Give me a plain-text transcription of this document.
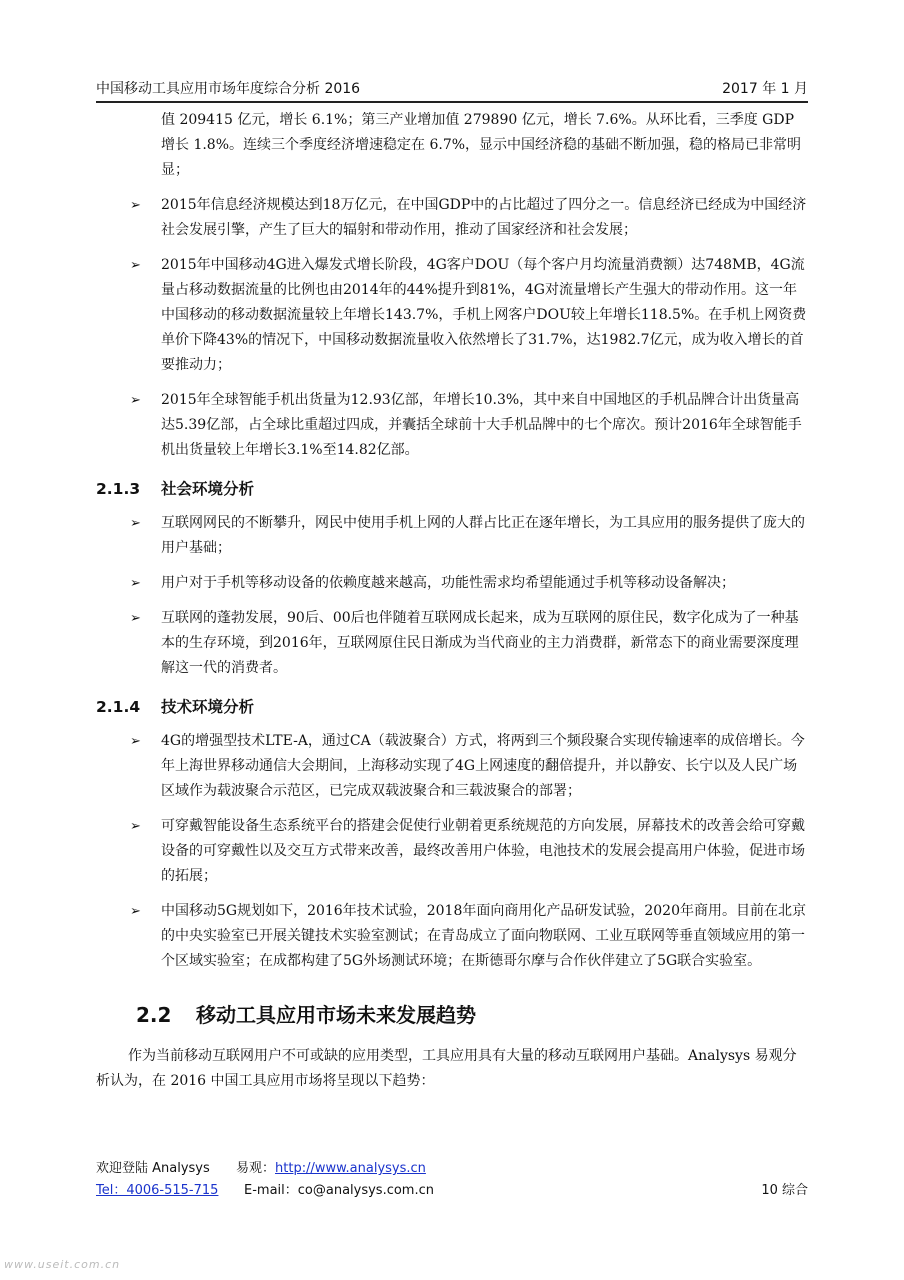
中国移动工具应用市场年度综合分析 2016	2017 年 1 月

值 209415 亿元，增长 6.1%；第三产业增加值 279890 亿元，增长 7.6%。从环比看，三季度 GDP 增长 1.8%。连续三个季度经济增速稳定在 6.7%，显示中国经济稳的基础不断加强，稳的格局已非常明显；

➢ 2015年信息经济规模达到18万亿元，在中国GDP中的占比超过了四分之一。信息经济已经成为中国经济社会发展引擎，产生了巨大的辐射和带动作用，推动了国家经济和社会发展；
➢ 2015年中国移动4G进入爆发式增长阶段，4G客户DOU（每个客户月均流量消费额）达748MB，4G流量占移动数据流量的比例也由2014年的44%提升到81%，4G对流量增长产生强大的带动作用。这一年中国移动的移动数据流量较上年增长143.7%，手机上网客户DOU较上年增长118.5%。在手机上网资费单价下降43%的情况下，中国移动数据流量收入依然增长了31.7%，达1982.7亿元，成为收入增长的首要推动力；
➢ 2015年全球智能手机出货量为12.93亿部，年增长10.3%，其中来自中国地区的手机品牌合计出货量高达5.39亿部，占全球比重超过四成，并囊括全球前十大手机品牌中的七个席次。预计2016年全球智能手机出货量较上年增长3.1%至14.82亿部。
2.1.3 社会环境分析
➢ 互联网网民的不断攀升，网民中使用手机上网的人群占比正在逐年增长，为工具应用的服务提供了庞大的用户基础；
➢ 用户对于手机等移动设备的依赖度越来越高，功能性需求均希望能通过手机等移动设备解决；
➢ 互联网的蓬勃发展，90后、00后也伴随着互联网成长起来，成为互联网的原住民，数字化成为了一种基本的生存环境，到2016年，互联网原住民日渐成为当代商业的主力消费群，新常态下的商业需要深度理解这一代的消费者。
2.1.4 技术环境分析
➢ 4G的增强型技术LTE-A，通过CA（载波聚合）方式，将两到三个频段聚合实现传输速率的成倍增长。今年上海世界移动通信大会期间，上海移动实现了4G上网速度的翻倍提升，并以静安、长宁以及人民广场区域作为载波聚合示范区，已完成双载波聚合和三载波聚合的部署；
➢ 可穿戴智能设备生态系统平台的搭建会促使行业朝着更系统规范的方向发展，屏幕技术的改善会给可穿戴设备的可穿戴性以及交互方式带来改善，最终改善用户体验，电池技术的发展会提高用户体验，促进市场的拓展；
➢ 中国移动5G规划如下，2016年技术试验，2018年面向商用化产品研发试验，2020年商用。目前在北京的中央实验室已开展关键技术实验室测试；在青岛成立了面向物联网、工业互联网等垂直领域应用的第一个区域实验室；在成都构建了5G外场测试环境；在斯德哥尔摩与合作伙伴建立了5G联合实验室。
2.2 移动工具应用市场未来发展趋势

作为当前移动互联网用户不可或缺的应用类型，工具应用具有大量的移动互联网用户基础。Analysys 易观分析认为，在 2016 中国工具应用市场将呈现以下趋势：

欢迎登陆 Analysys 易观：http://www.analysys.cn
Tel：4006-515-715 E-mail：co@analysys.com.cn	10 综合
www.useit.com.cn
